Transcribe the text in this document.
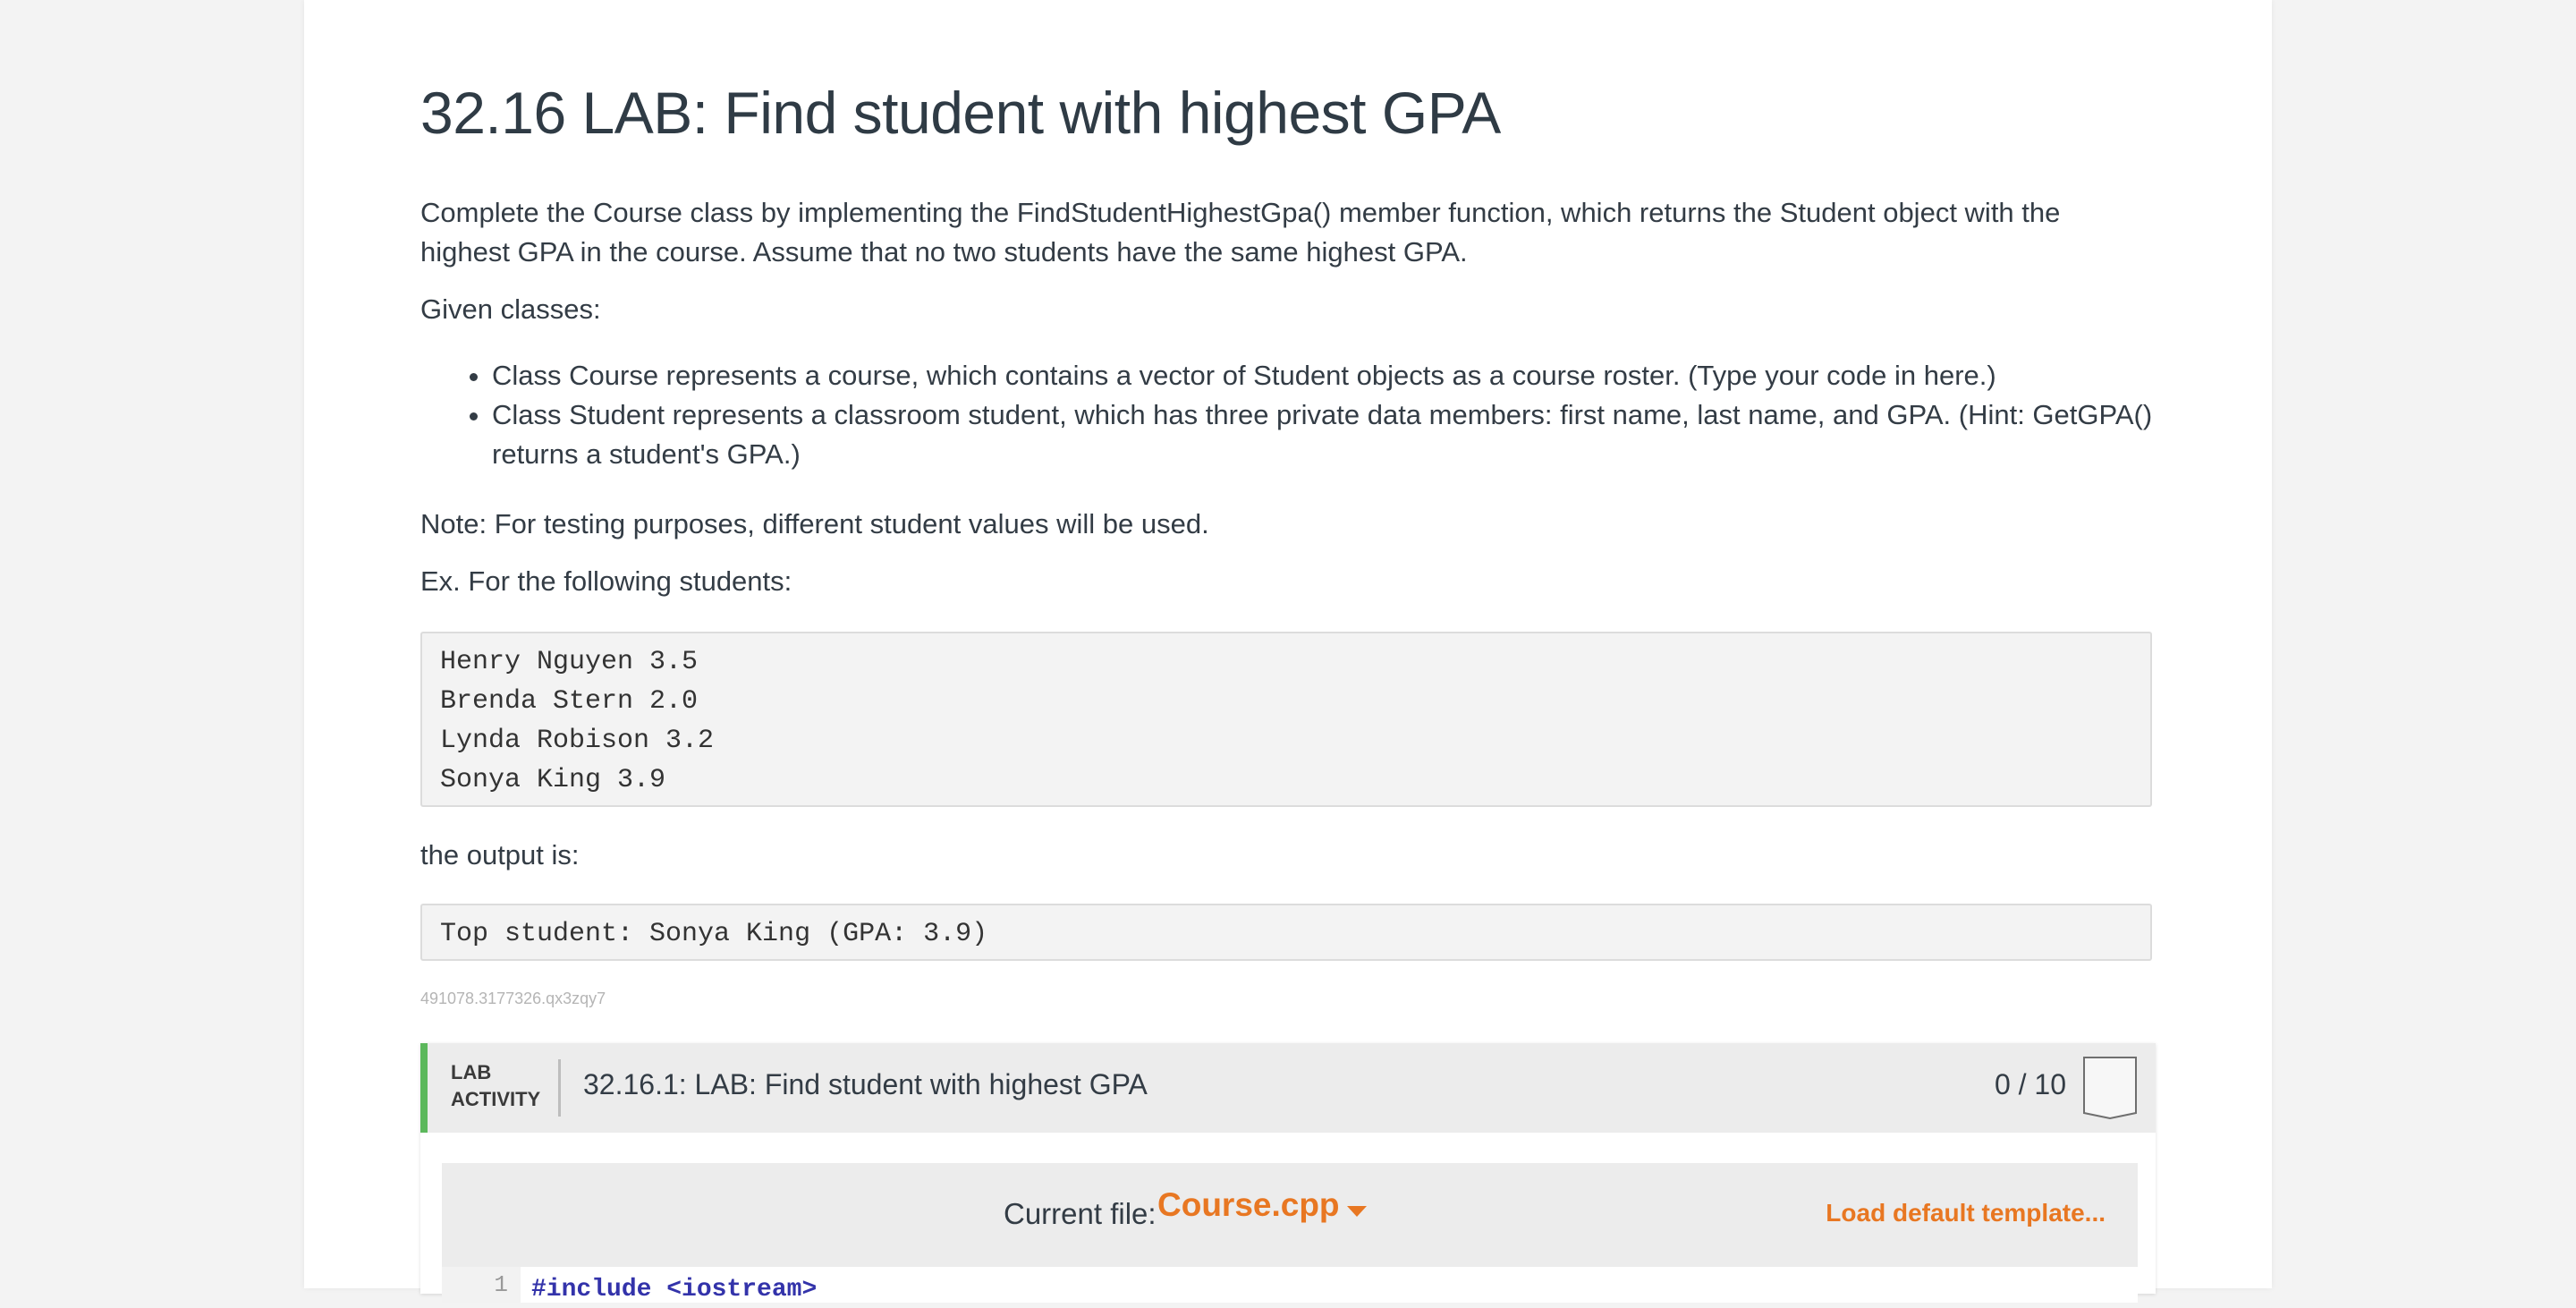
32.16 LAB: Find student with highest GPA

Complete the Course class by implementing the FindStudentHighestGpa() member function, which returns the Student object with the highest GPA in the course. Assume that no two students have the same highest GPA.

Given classes:

• Class Course represents a course, which contains a vector of Student objects as a course roster. (Type your code in here.)
• Class Student represents a classroom student, which has three private data members: first name, last name, and GPA. (Hint: GetGPA() returns a student's GPA.)

Note: For testing purposes, different student values will be used.

Ex. For the following students:

Henry Nguyen 3.5
Brenda Stern 2.0
Lynda Robison 3.2
Sonya King 3.9

the output is:

Top student: Sonya King (GPA: 3.9)
491078.3177326.qx3zqy7
LAB
ACTIVITY 32.16.1: LAB: Find student with highest GPA	0 / 10
Current file: Course.cpp	Load default template...
1 #include <iostream>
